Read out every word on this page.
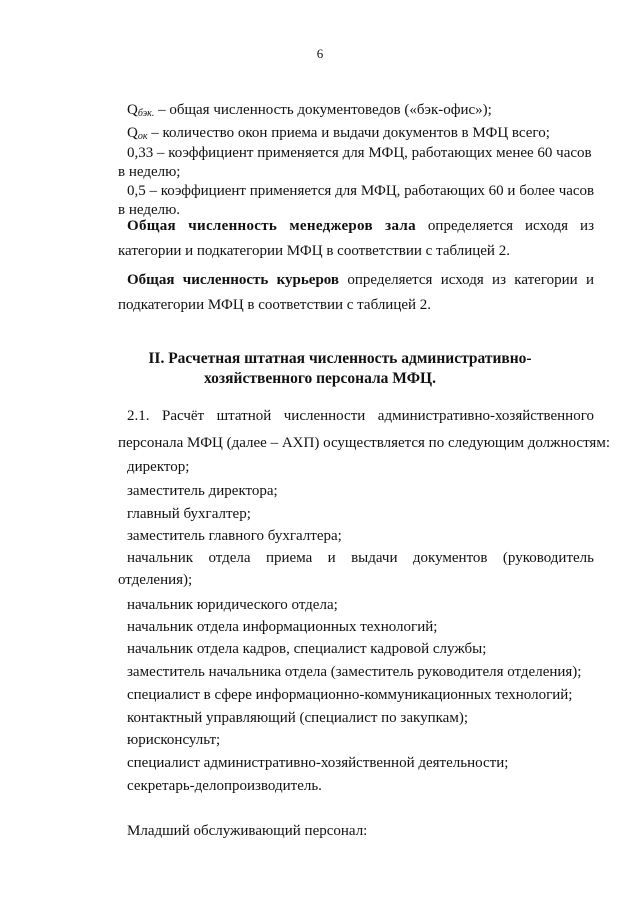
6
$Q_{бэк.}$ – общая численность документоведов («бэк-офис»);
$Q_{ок}$ – количество окон приема и выдачи документов в МФЦ всего;
0,33 – коэффициент применяется для МФЦ, работающих менее 60 часов
в неделю;
0,5 – коэффициент применяется для МФЦ, работающих 60 и более часов
в неделю.
Общая численность менеджеров зала определяется исходя из
категории и подкатегории МФЦ в соответствии с таблицей 2.
Общая численность курьеров определяется исходя из категории и
подкатегории МФЦ в соответствии с таблицей 2.
II. Расчетная штатная численность административно-
хозяйственного персонала МФЦ.
2.1. Расчёт штатной численности административно-хозяйственного
персонала МФЦ (далее – АХП) осуществляется по следующим должностям:
директор;
заместитель директора;
главный бухгалтер;
заместитель главного бухгалтера;
начальник отдела приема и выдачи документов (руководитель
отделения);
начальник юридического отдела;
начальник отдела информационных технологий;
начальник отдела кадров, специалист кадровой службы;
заместитель начальника отдела (заместитель руководителя отделения);
специалист в сфере информационно-коммуникационных технологий;
контактный управляющий (специалист по закупкам);
юрисконсульт;
специалист административно-хозяйственной деятельности;
секретарь-делопроизводитель.
Младший обслуживающий персонал:
